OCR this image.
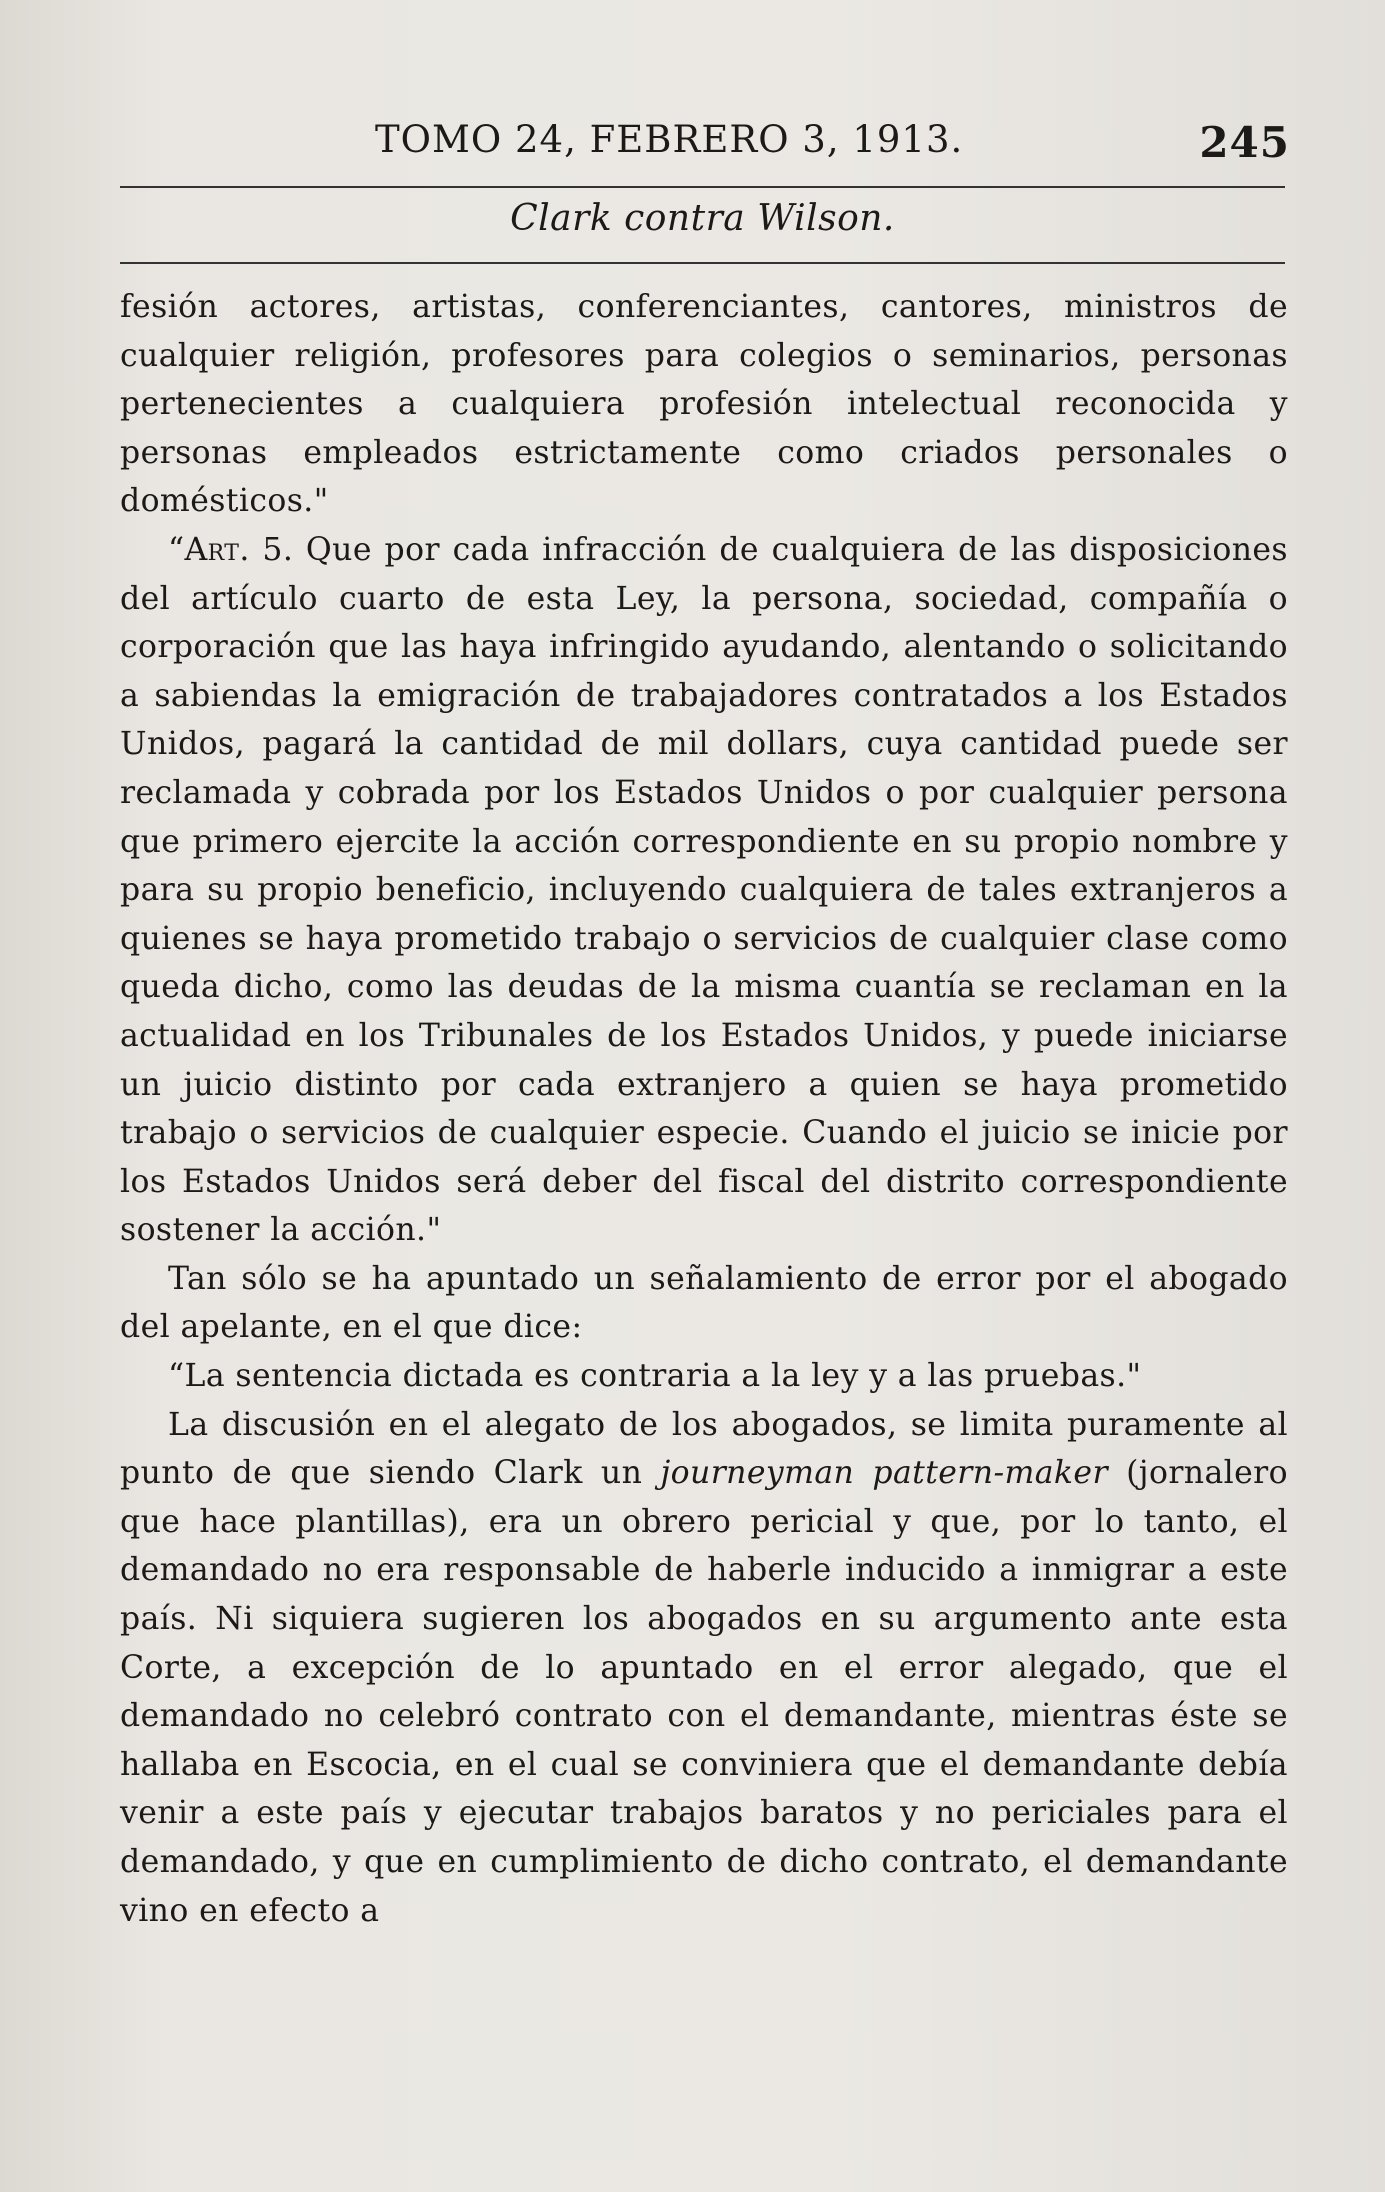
TOMO 24, FEBRERO 3, 1913.	245
Clark contra Wilson.

fesión actores, artistas, conferenciantes, cantores, ministros de cualquier religión, profesores para colegios o seminarios, personas pertenecientes a cualquiera profesión intelectual reconocida y personas empleados estrictamente como criados personales o domésticos."

“Art. 5. Que por cada infracción de cualquiera de las disposiciones del artículo cuarto de esta Ley, la persona, sociedad, compañía o corporación que las haya infringido ayudando, alentando o solicitando a sabiendas la emigración de trabajadores contratados a los Estados Unidos, pagará la cantidad de mil dollars, cuya cantidad puede ser reclamada y cobrada por los Estados Unidos o por cualquier persona que primero ejercite la acción correspondiente en su propio nombre y para su propio beneficio, incluyendo cualquiera de tales extranjeros a quienes se haya prometido trabajo o servicios de cualquier clase como queda dicho, como las deudas de la misma cuantía se reclaman en la actualidad en los Tribunales de los Estados Unidos, y puede iniciarse un juicio distinto por cada extranjero a quien se haya prometido trabajo o servicios de cualquier especie. Cuando el juicio se inicie por los Estados Unidos será deber del fiscal del distrito correspondiente sostener la acción."

Tan sólo se ha apuntado un señalamiento de error por el abogado del apelante, en el que dice:

“La sentencia dictada es contraria a la ley y a las pruebas."

La discusión en el alegato de los abogados, se limita puramente al punto de que siendo Clark un journeyman pattern-maker (jornalero que hace plantillas), era un obrero pericial y que, por lo tanto, el demandado no era responsable de haberle inducido a inmigrar a este país. Ni siquiera sugieren los abogados en su argumento ante esta Corte, a excepción de lo apuntado en el error alegado, que el demandado no celebró contrato con el demandante, mientras éste se hallaba en Escocia, en el cual se conviniera que el demandante debía venir a este país y ejecutar trabajos baratos y no periciales para el demandado, y que en cumplimiento de dicho contrato, el demandante vino en efecto a
